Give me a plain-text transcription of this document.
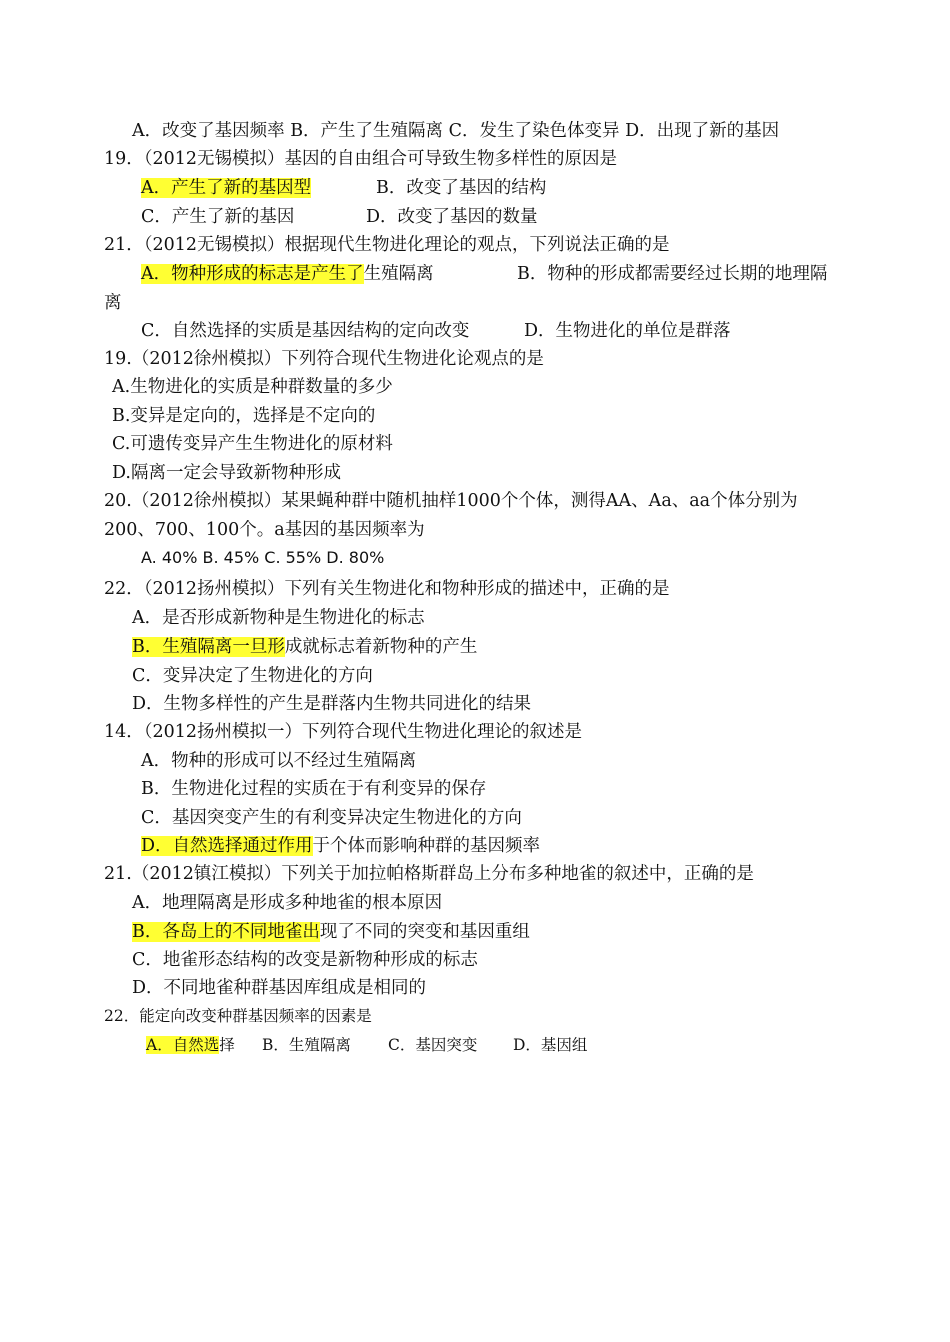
A．改变了基因频率 B．产生了生殖隔离 C．发生了染色体变异 D．出现了新的基因
19．（2012无锡模拟）基因的自由组合可导致生物多样性的原因是
A．产生了新的基因型	B．改变了基因的结构
C．产生了新的基因	D．改变了基因的数量
21．（2012无锡模拟）根据现代生物进化理论的观点，下列说法正确的是
A．物种形成的标志是产生了生殖隔离	B．物种的形成都需要经过长期的地理隔
离
C．自然选择的实质是基因结构的定向改变	D．生物进化的单位是群落
19.（2012徐州模拟）下列符合现代生物进化论观点的是
A.生物进化的实质是种群数量的多少
B.变异是定向的，选择是不定向的
C.可遗传变异产生生物进化的原材料
D.隔离一定会导致新物种形成
20.（2012徐州模拟）某果蝇种群中随机抽样1000个个体，测得AA、Aa、aa个体分别为
200、700、100个。a基因的基因频率为
A. 40% B. 45% C. 55% D. 80%
22．（2012扬州模拟）下列有关生物进化和物种形成的描述中，正确的是
A．是否形成新物种是生物进化的标志
B．生殖隔离一旦形成就标志着新物种的产生
C．变异决定了生物进化的方向
D．生物多样性的产生是群落内生物共同进化的结果
14．（2012扬州模拟一）下列符合现代生物进化理论的叙述是
A．物种的形成可以不经过生殖隔离
B．生物进化过程的实质在于有利变异的保存
C．基因突变产生的有利变异决定生物进化的方向
D．自然选择通过作用于个体而影响种群的基因频率
21.（2012镇江模拟）下列关于加拉帕格斯群岛上分布多种地雀的叙述中，正确的是
A．地理隔离是形成多种地雀的根本原因
B．各岛上的不同地雀出现了不同的突变和基因重组
C．地雀形态结构的改变是新物种形成的标志
D．不同地雀种群基因库组成是相同的
22．能定向改变种群基因频率的因素是
A．自然选择 B．生殖隔离 C．基因突变 D．基因组
